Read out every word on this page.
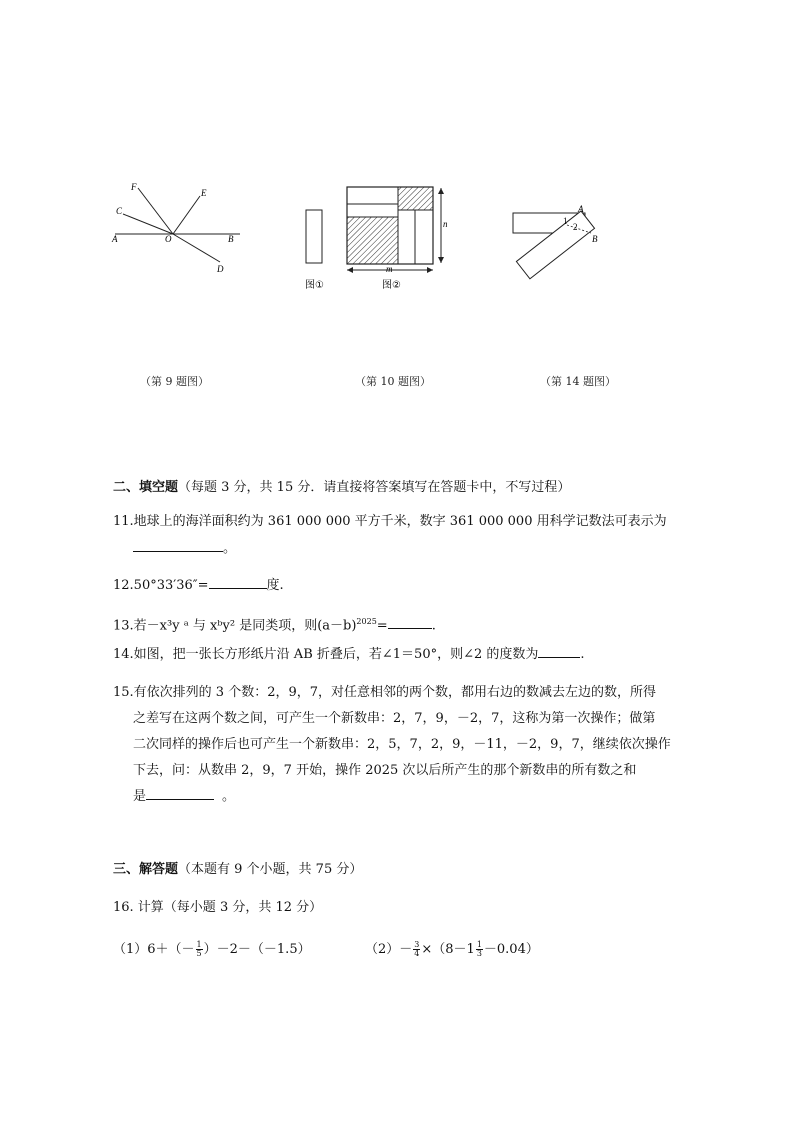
A	O	B
C
D
E
F
n
m
图①	图②
A
B
1
2
（第 9 题图）	（第 10 题图）	（第 14 题图）
二、填空题（每题 3 分，共 15 分．请直接将答案填写在答题卡中，不写过程）
11.地球上的海洋面积约为 361 000 000 平方千米，数字 361 000 000 用科学记数法可表示为
。
12.50°33′36″=	度.
13.若－x³y ᵃ 与 xᵇy² 是同类项，则$(a-b)^{2025}=$	.
14.如图，把一张长方形纸片沿 AB 折叠后，若∠1＝50°，则∠2 的度数为	.
15.有依次排列的 3 个数：2，9，7，对任意相邻的两个数，都用右边的数减去左边的数，所得
之差写在这两个数之间，可产生一个新数串：2，7，9，－2，7，这称为第一次操作；做第
二次同样的操作后也可产生一个新数串：2，5，7，2，9，－11，－2，9，7，继续依次操作
下去，问：从数串 2，9，7 开始，操作 2025 次以后所产生的那个新数串的所有数之和
是	。
三、解答题（本题有 9 个小题，共 75 分）
16. 计算（每小题 3 分，共 12 分）
$(1)6+(- \frac{1}{5} )-2-(-1.5)$	$(2)- \frac{3}{4} \times(8-1 \frac{1}{3} -0.04)$
